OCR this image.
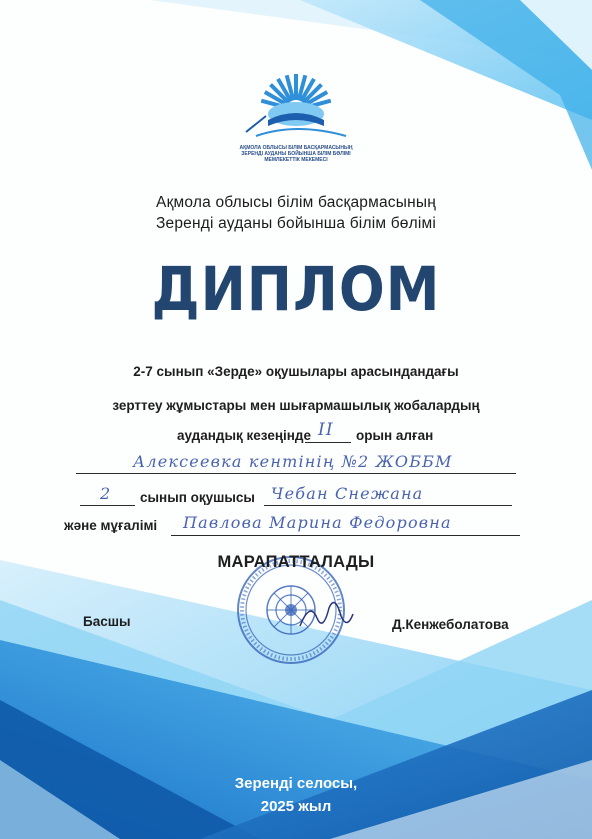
АҚМОЛА ОБЛЫСЫ БІЛІМ БАСҚАРМАСЫНЫҢ
ЗЕРЕНДІ АУДАНЫ БОЙЫНША БІЛІМ БӨЛІМІ
МЕМЛЕКЕТТІК МЕКЕМЕСІ
Ақмола облысы білім басқармасының
Зеренді ауданы бойынша білім бөлімі
ДИПЛОМ
2-7 сынып «Зерде» оқушылары арасындандағы
зерттеу жұмыстары мен шығармашылық жобалардың
аудандық кезеңінде II орын алған
Алексеевка кентінің №2 ЖОББМ
2 сынып оқушысы Чебан Снежана
және мұғалімі Павлова Марина Федоровна
МАРАПАТТАЛАДЫ
Басшы	Д.Кенжеболатова
Зеренді селосы,
2025 жыл
